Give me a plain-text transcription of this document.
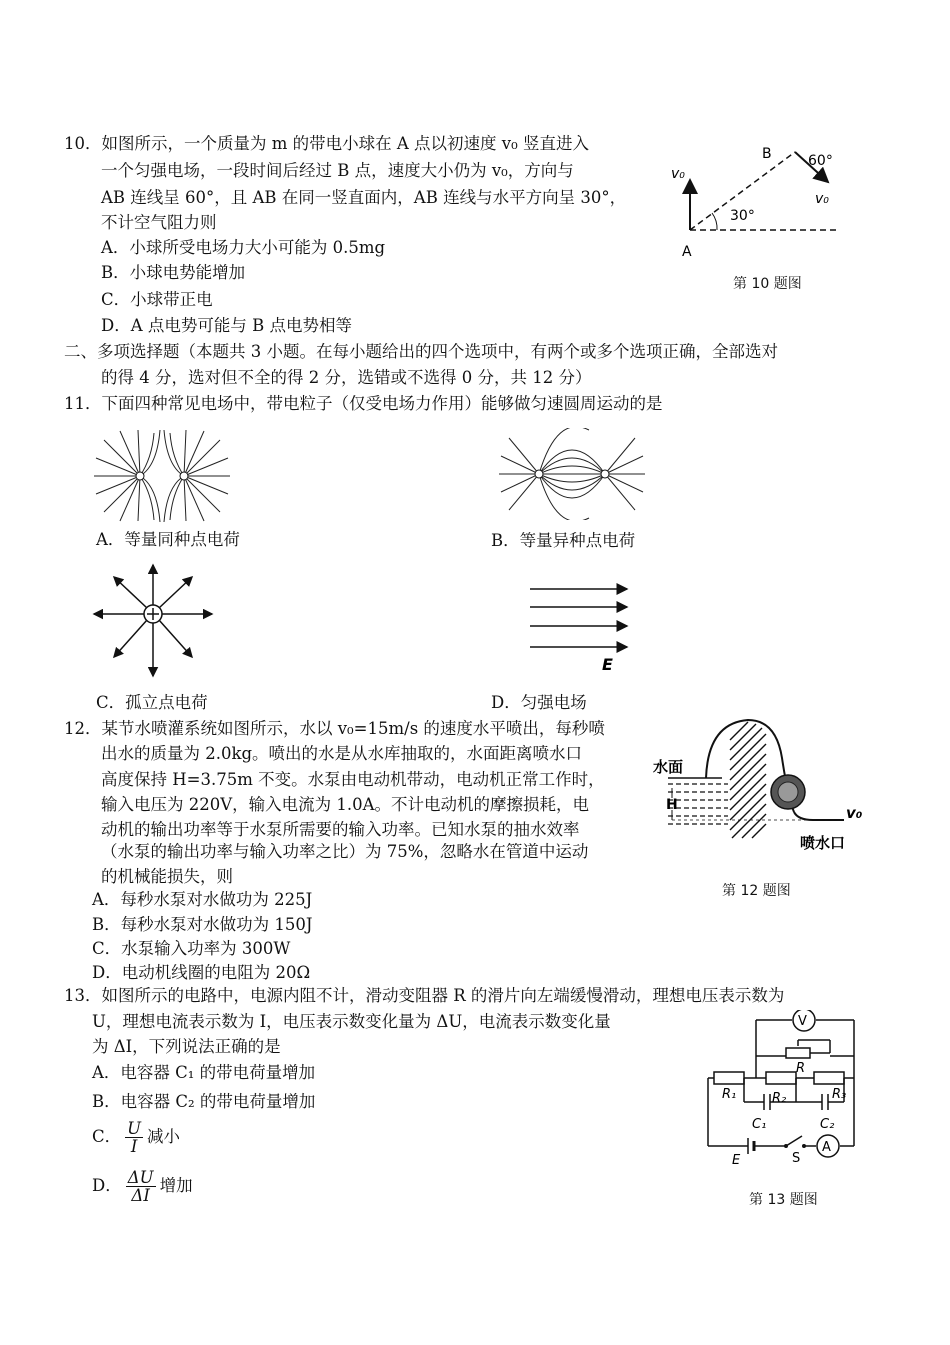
10．如图所示，一个质量为 m 的带电小球在 A 点以初速度 v₀ 竖直进入
一个匀强电场，一段时间后经过 B 点，速度大小仍为 v₀，方向与
AB 连线呈 60°，且 AB 在同一竖直面内，AB 连线与水平方向呈 30°，
不计空气阻力则
A．小球所受电场力大小可能为 0.5mg
B．小球电势能增加
C．小球带正电
D．A 点电势可能与 B 点电势相等
v₀
B	60°
v₀
30°
A
第 10 题图
二、多项选择题（本题共 3 小题。在每小题给出的四个选项中，有两个或多个选项正确，全部选对
的得 4 分，选对但不全的得 2 分，选错或不选得 0 分，共 12 分）
11．下面四种常见电场中，带电粒子（仅受电场力作用）能够做匀速圆周运动的是
A．等量同种点电荷	B．等量异种点电荷
C．孤立点电荷
E
D．匀强电场
12．某节水喷灌系统如图所示，水以 v₀=15m/s 的速度水平喷出，每秒喷
出水的质量为 2.0kg。喷出的水是从水库抽取的，水面距离喷水口
高度保持 H=3.75m 不变。水泵由电动机带动，电动机正常工作时，
输入电压为 220V，输入电流为 1.0A。不计电动机的摩擦损耗，电
动机的输出功率等于水泵所需要的输入功率。已知水泵的抽水效率
（水泵的输出功率与输入功率之比）为 75%，忽略水在管道中运动
的机械能损失，则
A．每秒水泵对水做功为 225J
B．每秒水泵对水做功为 150J
C．水泵输入功率为 300W
D．电动机线圈的电阻为 20Ω
水面
H	v₀
喷水口
第 12 题图
13．如图所示的电路中，电源内阻不计，滑动变阻器 R 的滑片向左端缓慢滑动，理想电压表示数为
U，理想电流表示数为 I，电压表示数变化量为 ΔU，电流表示数变化量
为 ΔI，下列说法正确的是
A．电容器 C₁ 的带电荷量增加
B．电容器 C₂ 的带电荷量增加
C． $\frac{U}{I}$ 减小
D． $\frac{\Delta U}{\Delta I}$ 增加
V
A
R
R₁	R₂	R₃
C₁	C₂
E	S
第 13 题图
